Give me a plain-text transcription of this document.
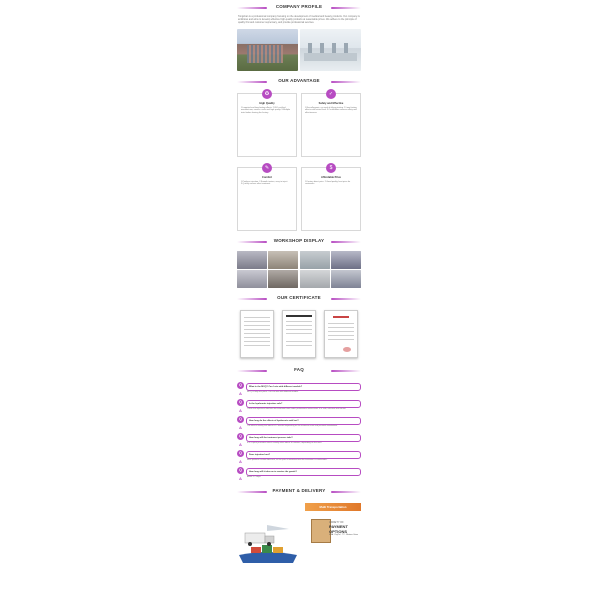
COMPANY PROFILE
Tongshan is a professional company focusing on the development of medical and beauty products. Our company is ambitious and aims to develop effective high-quality products at reasonable prices. We adhere to the principle of quality first and customer supremacy, and provide professional services.
OUR ADVANTAGE
✪
High Quality
1.Imported and long-lasting effects. 2.ISO certified manufacturer, ensure a safe and high quality. 3.Multiple tests before leaving the factory.
✓
Safety and Effective
1.Non-allergenic, no need of allergy testing. 2.Long lasting effects with natural look. 3.Certification ensures safety and effectiveness.
✎
Comfort
1.Painless injection. 2.Smooth texture, easy to inject. 3.Quickly recover after treatment.
$
Affordable Price
1.Factory direct price. 2.Good quality, best price for customers.
WORKSHOP DISPLAY
OUR CERTIFICATE
FAQ
Q	What is the MOQ? Can I mix with different models?
A	MOQ is only one piece. You can mix with different models.
Q	Is the hyaluronic injection safe?
A	These are injections filled into the treatment area under professional instructions. It is safe, effective and natural.
Q	How long do the effects of hyaluronic acid last?
A	The effects usually last about 6-12 months depending on the treatment area and personal metabolism.
Q	How long will the treatment process take?
A	It is a quick procedure which usually takes about 30 minutes, depending on the area.
Q	Does injection hurt?
A	Most products contain lidocaine, so the pain is minimized and the treatment is comfortable.
Q	How long will it take me to receive the goods?
A	About 5-7 days.
PAYMENT & DELIVERY
Multi Transportation
VARIETY OF
PAYMENT OPTIONS
VISA · PayPal · T/T · Western Union
